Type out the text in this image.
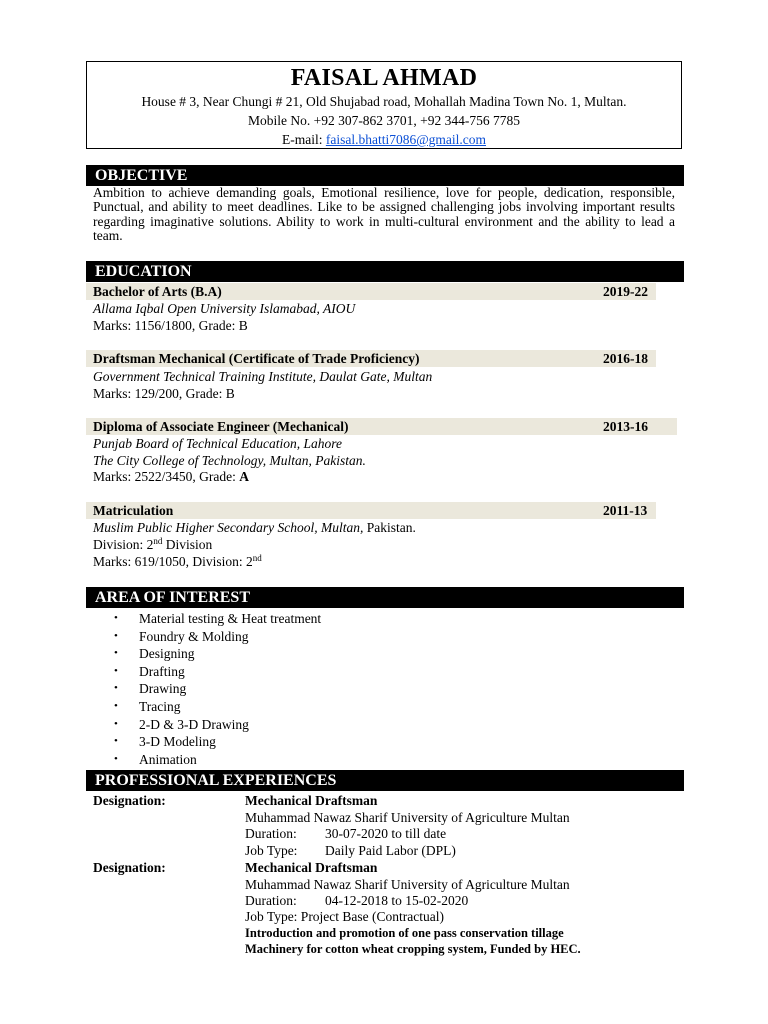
FAISAL AHMAD
House # 3, Near Chungi # 21, Old Shujabad road, Mohallah Madina Town No. 1, Multan.
Mobile No. +92 307-862 3701, +92 344-756 7785
E-mail: faisal.bhatti7086@gmail.com
OBJECTIVE
Ambition to achieve demanding goals, Emotional resilience, love for people, dedication, responsible, Punctual, and ability to meet deadlines. Like to be assigned challenging jobs involving important results regarding imaginative solutions. Ability to work in multi-cultural environment and the ability to lead a team.
EDUCATION
Bachelor of Arts (B.A)	2019-22
Allama Iqbal Open University Islamabad, AIOU
Marks: 1156/1800, Grade: B
Draftsman Mechanical (Certificate of Trade Proficiency)	2016-18
Government Technical Training Institute, Daulat Gate, Multan
Marks: 129/200, Grade: B
Diploma of Associate Engineer (Mechanical)	2013-16
Punjab Board of Technical Education, Lahore
The City College of Technology, Multan, Pakistan.
Marks: 2522/3450, Grade: A
Matriculation	2011-13
Muslim Public Higher Secondary School, Multan, Pakistan.
Division: 2nd Division
Marks: 619/1050, Division: 2nd
AREA OF INTEREST
• Material testing & Heat treatment
• Foundry & Molding
• Designing
• Drafting
• Drawing
• Tracing
• 2-D & 3-D Drawing
• 3-D Modeling
• Animation
PROFESSIONAL EXPERIENCES
Designation:	Mechanical Draftsman
Muhammad Nawaz Sharif University of Agriculture Multan
Duration: 30-07-2020 to till date
Job Type: Daily Paid Labor (DPL)
Designation:	Mechanical Draftsman
Muhammad Nawaz Sharif University of Agriculture Multan
Duration: 04-12-2018 to 15-02-2020
Job Type: Project Base (Contractual)
Introduction and promotion of one pass conservation tillage
Machinery for cotton wheat cropping system, Funded by HEC.
